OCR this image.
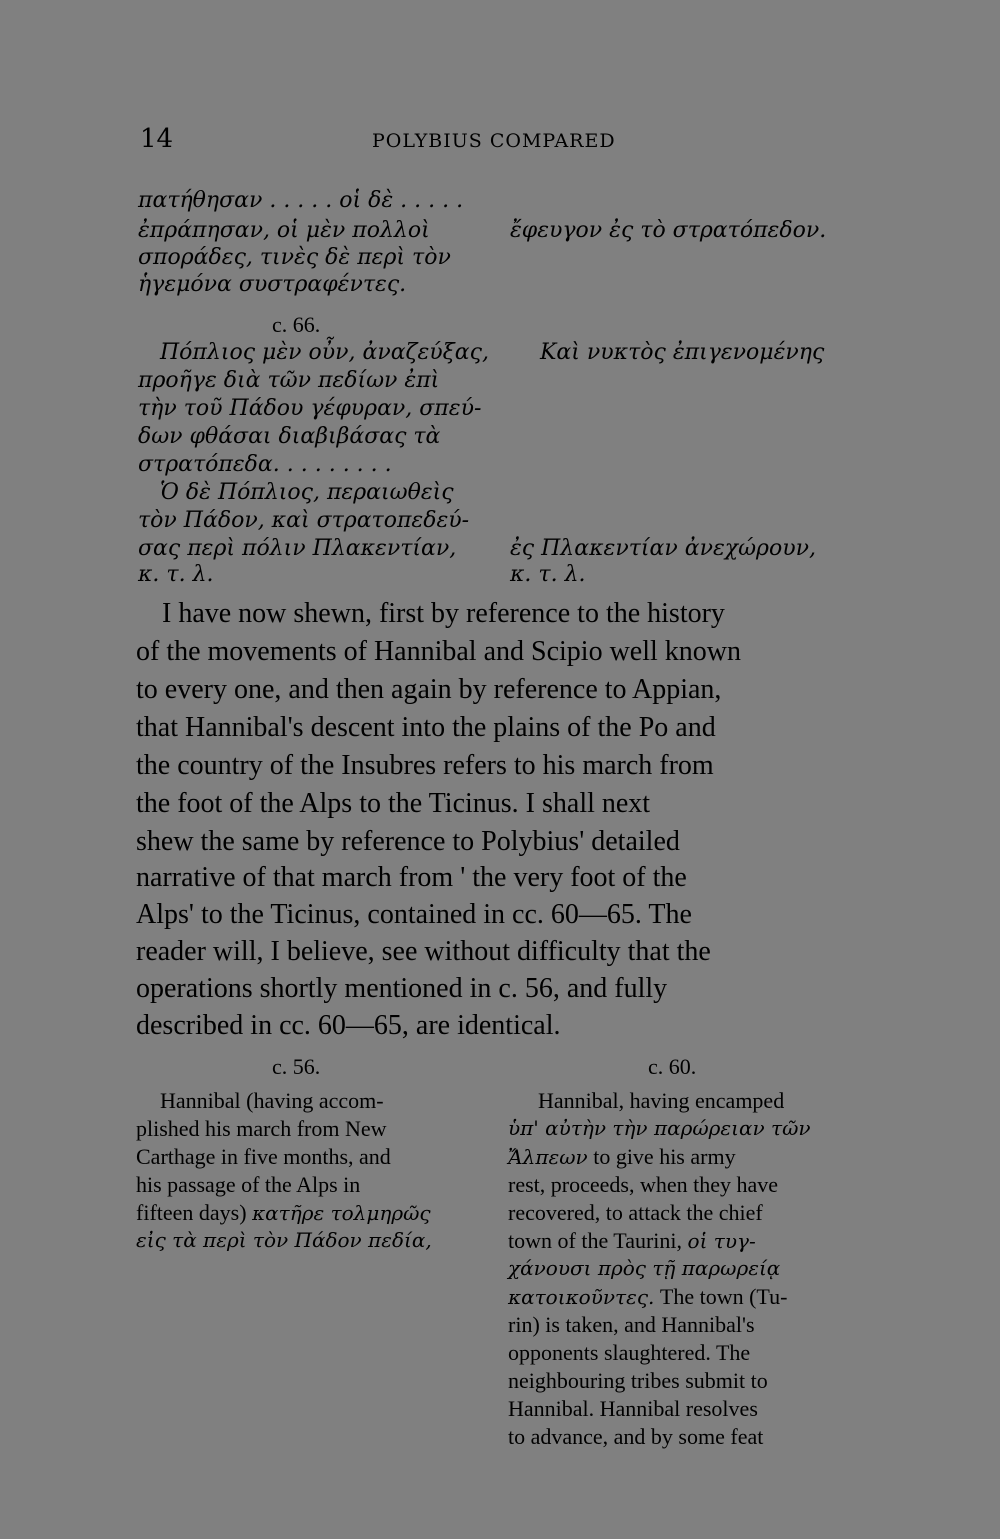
14	POLYBIUS COMPARED
πατήθησαν . . . . . οἱ δὲ . . . . .
ἐπράπησαν, οἱ μὲν πολλοὶ
σποράδες, τινὲς δὲ περὶ τὸν
ἡγεμόνα συστραφέντες.
ἔφευγον ἐς τὸ στρατόπεδον.
c. 66.
Πόπλιος μὲν οὖν, ἀναζεύξας,
προῆγε διὰ τῶν πεδίων ἐπὶ
τὴν τοῦ Πάδου γέφυραν, σπεύ-
δων φθάσαι διαβιβάσας τὰ
στρατόπεδα. . . . . . . . .
Ὁ δὲ Πόπλιος, περαιωθεὶς
τὸν Πάδον, καὶ στρατοπεδεύ-
σας περὶ πόλιν Πλακεντίαν,
κ. τ. λ.
Καὶ νυκτὸς ἐπιγενομένης
ἐς Πλακεντίαν ἀνεχώρουν,
κ. τ. λ.
I have now shewn, first by reference to the history
of the movements of Hannibal and Scipio well known
to every one, and then again by reference to Appian,
that Hannibal's descent into the plains of the Po and
the country of the Insubres refers to his march from
the foot of the Alps to the Ticinus. I shall next
shew the same by reference to Polybius' detailed
narrative of that march from ' the very foot of the
Alps' to the Ticinus, contained in cc. 60—65. The
reader will, I believe, see without difficulty that the
operations shortly mentioned in c. 56, and fully
described in cc. 60—65, are identical.
c. 56.	c. 60.
Hannibal (having accom-
plished his march from New
Carthage in five months, and
his passage of the Alps in
fifteen days) κατῆρε τολμηρῶς
εἰς τὰ περὶ τὸν Πάδον πεδία,
Hannibal, having encamped
ὑπ' αὐτὴν τὴν παρώρειαν τῶν
Ἄλπεων to give his army
rest, proceeds, when they have
recovered, to attack the chief
town of the Taurini, οἱ τυγ-
χάνουσι πρὸς τῇ παρωρείᾳ
κατοικοῦντες. The town (Tu-
rin) is taken, and Hannibal's
opponents slaughtered. The
neighbouring tribes submit to
Hannibal. Hannibal resolves
to advance, and by some feat
